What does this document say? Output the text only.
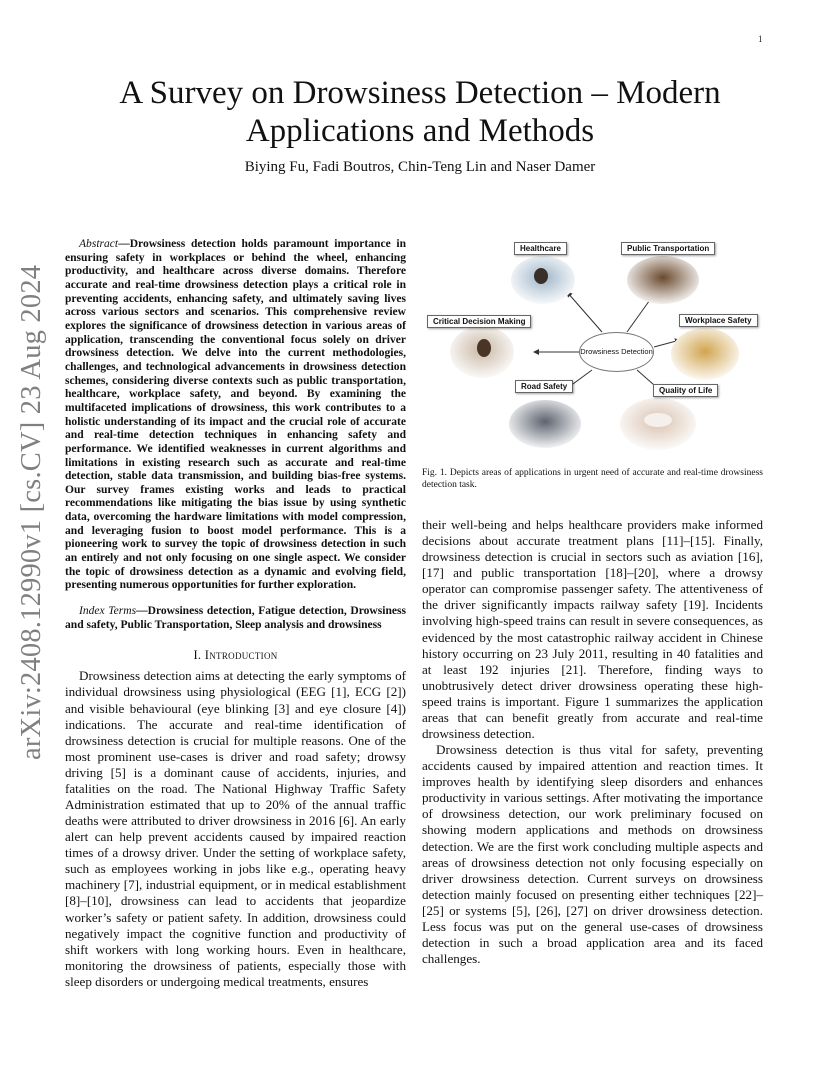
1
arXiv:2408.12990v1 [cs.CV] 23 Aug 2024
A Survey on Drowsiness Detection – Modern Applications and Methods
Biying Fu, Fadi Boutros, Chin-Teng Lin and Naser Damer

Abstract—Drowsiness detection holds paramount importance in ensuring safety in workplaces or behind the wheel, enhancing productivity, and healthcare across diverse domains. Therefore accurate and real-time drowsiness detection plays a critical role in preventing accidents, enhancing safety, and ultimately saving lives across various sectors and scenarios. This comprehensive review explores the significance of drowsiness detection in various areas of application, transcending the conventional focus solely on driver drowsiness detection. We delve into the current methodologies, challenges, and technological advancements in drowsiness detection schemes, considering diverse contexts such as public transportation, healthcare, workplace safety, and beyond. By examining the multifaceted implications of drowsiness, this work contributes to a holistic understanding of its impact and the crucial role of accurate and real-time detection techniques in enhancing safety and performance. We identified weaknesses in current algorithms and limitations in existing research such as accurate and real-time detection, stable data transmission, and building bias-free systems. Our survey frames existing works and leads to practical recommendations like mitigating the bias issue by using synthetic data, overcoming the hardware limitations with model compression, and leveraging fusion to boost model performance. This is a pioneering work to survey the topic of drowsiness detection in such an entirely and not only focusing on one single aspect. We consider the topic of drowsiness detection as a dynamic and evolving field, presenting numerous opportunities for further exploration.

Index Terms—Drowsiness detection, Fatigue detection, Drowsiness and safety, Public Transportation, Sleep analysis and drowsiness

I. Introduction

Drowsiness detection aims at detecting the early symptoms of individual drowsiness using physiological (EEG [1], ECG [2]) and visible behavioural (eye blinking [3] and eye closure [4]) indications. The accurate and real-time identification of drowsiness detection is crucial for multiple reasons. One of the most prominent use-cases is driver and road safety; drowsy driving [5] is a dominant cause of accidents, injuries, and fatalities on the road. The National Highway Traffic Safety Administration estimated that up to 20% of the annual traffic deaths were attributed to driver drowsiness in 2016 [6]. An early alert can help prevent accidents caused by impaired reaction times of a drowsy driver. Under the setting of workplace safety, such as employees working in jobs like e.g., operating heavy machinery [7], industrial equipment, or in medical establishment [8]–[10], drowsiness can lead to accidents that jeopardize worker’s safety or patient safety. In addition, drowsiness could negatively impact the cognitive function and productivity of shift workers with long working hours. Even in healthcare, monitoring the drowsiness of patients, especially those with sleep disorders or undergoing medical treatments, ensures

Drowsiness Detection
Healthcare	Public Transportation
Critical Decision Making	Workplace Safety
Road Safety	Quality of Life
Fig. 1. Depicts areas of applications in urgent need of accurate and real-time drowsiness detection task.

their well-being and helps healthcare providers make informed decisions about accurate treatment plans [11]–[15]. Finally, drowsiness detection is crucial in sectors such as aviation [16], [17] and public transportation [18]–[20], where a drowsy operator can compromise passenger safety. The attentiveness of the driver significantly impacts railway safety [19]. Incidents involving high-speed trains can result in severe consequences, as evidenced by the most catastrophic railway accident in Chinese history occurring on 23 July 2011, resulting in 40 fatalities and at least 192 injuries [21]. Therefore, finding ways to unobtrusively detect driver drowsiness operating these high-speed trains is important. Figure 1 summarizes the application areas that can benefit greatly from accurate and real-time drowsiness detection.

Drowsiness detection is thus vital for safety, preventing accidents caused by impaired attention and reaction times. It improves health by identifying sleep disorders and enhances productivity in various settings. After motivating the importance of drowsiness detection, our work preliminary focused on showing modern applications and methods on drowsiness detection. We are the first work concluding multiple aspects and areas of drowsiness detection not only focusing especially on driver drowsiness detection. Current surveys on drowsiness detection mainly focused on presenting either techniques [22]–[25] or systems [5], [26], [27] on driver drowsiness detection. Less focus was put on the general use-cases of drowsiness detection in such a broad application area and its faced challenges.
